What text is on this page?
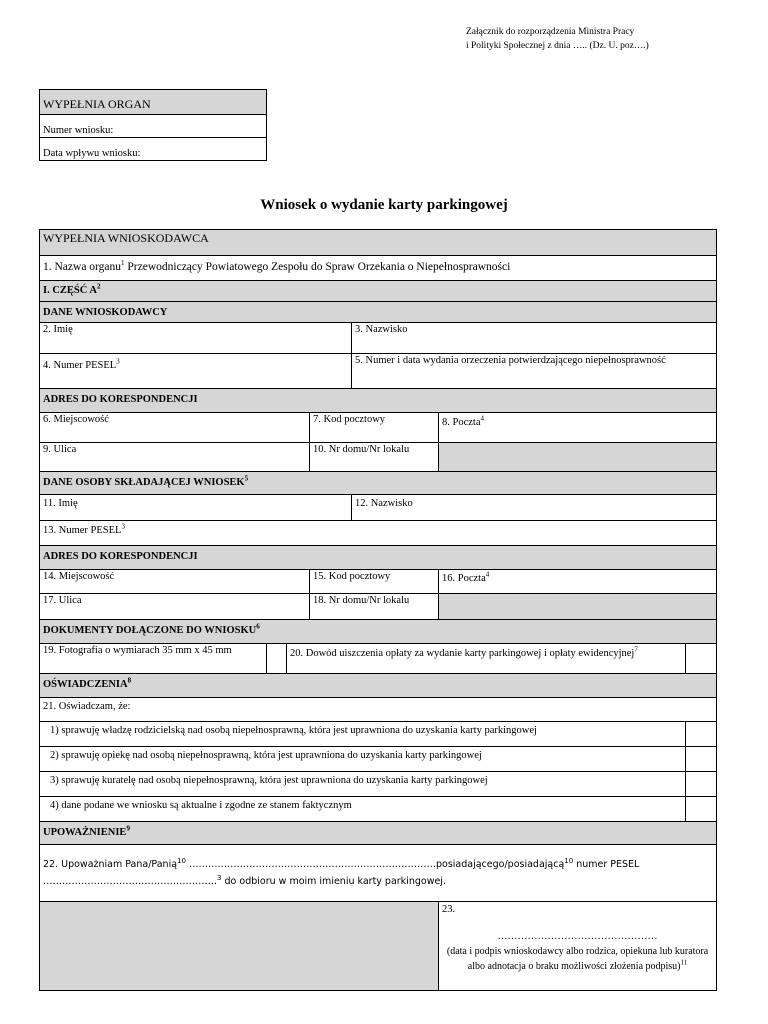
Załącznik do rozporządzenia Ministra Pracy
i Polityki Społecznej z dnia ….. (Dz. U. poz….)
WYPEŁNIA ORGAN

Numer wniosku:

Data wpływu wniosku:
Wniosek o wydanie karty parkingowej
WYPEŁNIA WNIOSKODAWCA						
1. Nazwa organu$^1$ Przewodniczący Powiatowego Zespołu do Spraw Orzekania o Niepełnosprawności						
I. CZĘŚĆ $A^2$
DANE WNIOSKODAWCY						
2. Imię				3. Nazwisko		
4. Numer PESEL$^3$				5. Numer i data wydania orzeczenia potwierdzającego niepełnosprawność		
ADRES DO KORESPONDENCJI						
6. Miejscowość			7. Kod pocztowy		8. Poczta$^4$
9. Ulica			10. Nr domu/Nr lokalu			
DANE OSOBY SKŁADAJĄCEJ WNIOSEK$^5$
11. Imię				12. Nazwisko		
13. Numer PESEL$^3$
ADRES DO KORESPONDENCJI						
14. Miejscowość			15. Kod pocztowy		16. Poczta$^4$
17. Ulica			18. Nr domu/Nr lokalu			
DOKUMENTY DOŁĄCZONE DO WNIOSKU$^6$
19. Fotografia o wymiarach 35 mm x 45 mm		20. Dowód uiszczenia opłaty za wydanie karty parkingowej i opłaty ewidencyjnej$^7$	
OŚWIADCZENIA$^8$
21. Oświadczam, że:						
1) sprawuję władzę rodzicielską nad osobą niepełnosprawną, która jest uprawniona do uzyskania karty parkingowej						
2) sprawuję opiekę nad osobą niepełnosprawną, która jest uprawniona do uzyskania karty parkingowej						
3) sprawuję kuratelę nad osobą niepełnosprawną, która jest uprawniona do uzyskania karty parkingowej						
4) dane podane we wniosku są aktualne i zgodne ze stanem faktycznym						
UPOWAŻNIENIE$^9$
22. Upoważniam Pana/Panią$^{10}$ ……………………………………………………………………posiadającego/posiadającą$^{10}$ numer PESEL
……………………………………………….$^3$ do odbioru w moim imieniu karty parkingowej.						

					23.
…………………………………………
(data i podpis wnioskodawcy albo rodzica, opiekuna lub kuratora
albo adnotacja o braku możliwości złożenia podpisu)$^{11}$
